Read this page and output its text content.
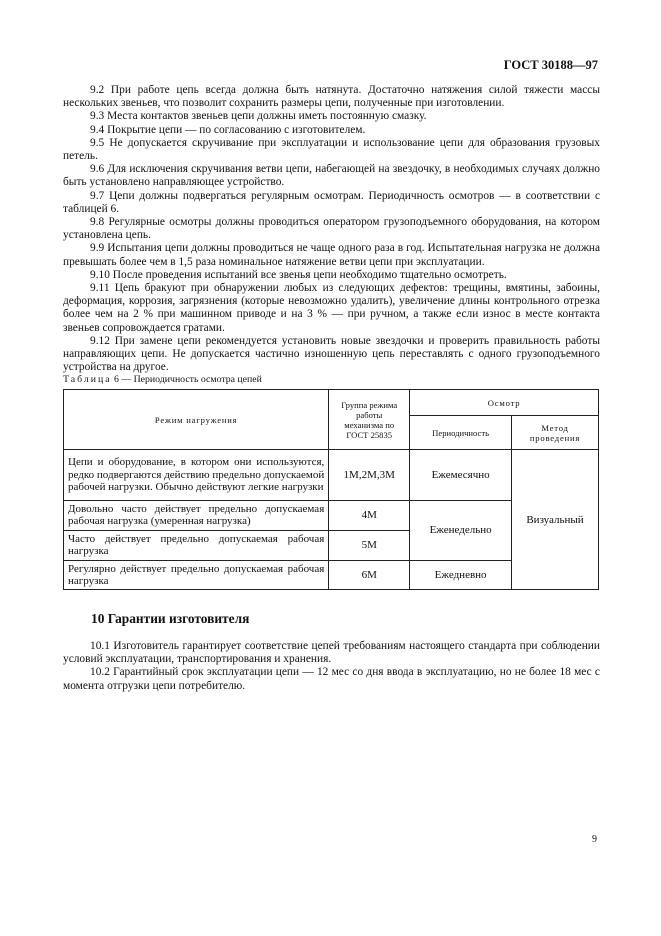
ГОСТ 30188—97

9.2 При работе цепь всегда должна быть натянута. Достаточно натяжения силой тяжести массы нескольких звеньев, что позволит сохранить размеры цепи, полученные при изготовлении.

9.3 Места контактов звеньев цепи должны иметь постоянную смазку.

9.4 Покрытие цепи — по согласованию с изготовителем.

9.5 Не допускается скручивание при эксплуатации и использование цепи для образования грузовых петель.

9.6 Для исключения скручивания ветви цепи, набегающей на звездочку, в необходимых случаях должно быть установлено направляющее устройство.

9.7 Цепи должны подвергаться регулярным осмотрам. Периодичность осмотров — в соответствии с таблицей 6.

9.8 Регулярные осмотры должны проводиться оператором грузоподъемного оборудования, на котором установлена цепь.

9.9 Испытания цепи должны проводиться не чаще одного раза в год. Испытательная нагрузка не должна превышать более чем в 1,5 раза номинальное натяжение ветви цепи при эксплуатации.

9.10 После проведения испытаний все звенья цепи необходимо тщательно осмотреть.

9.11 Цепь бракуют при обнаружении любых из следующих дефектов: трещины, вмятины, забоины, деформация, коррозия, загрязнения (которые невозможно удалить), увеличение длины контрольного отрезка более чем на 2 % при машинном приводе и на 3 % — при ручном, а также если износ в месте контакта звеньев сопровождается гратами.

9.12 При замене цепи рекомендуется установить новые звездочки и проверить правильность работы направляющих цепи. Не допускается частично изношенную цепь переставлять с одного грузоподъемного устройства на другое.

Таблица 6 — Периодичность осмотра цепей
Режим нагружения	Группа режима
работы
механизма по
ГОСТ 25835	Осмотр	
		Периодичность	Метод проведения
Цепи и оборудование, в котором они используются, редко подвергаются действию предельно допускаемой рабочей нагрузки. Обычно действуют легкие нагрузки	1М,2М,3М	Ежемесячно	Визуальный
Довольно часто действует предельно допускаемая рабочая нагрузка (умеренная нагрузка)	4М	Еженедельно	
Часто действует предельно допускаемая рабочая нагрузка	5М		
Регулярно действует предельно допускаемая рабочая нагрузка	6М	Ежедневно	
10 Гарантии изготовителя

10.1 Изготовитель гарантирует соответствие цепей требованиям настоящего стандарта при соблюдении условий эксплуатации, транспортирования и хранения.

10.2 Гарантийный срок эксплуатации цепи — 12 мес со дня ввода в эксплуатацию, но не более 18 мес с момента отгрузки цепи потребителю.

9
